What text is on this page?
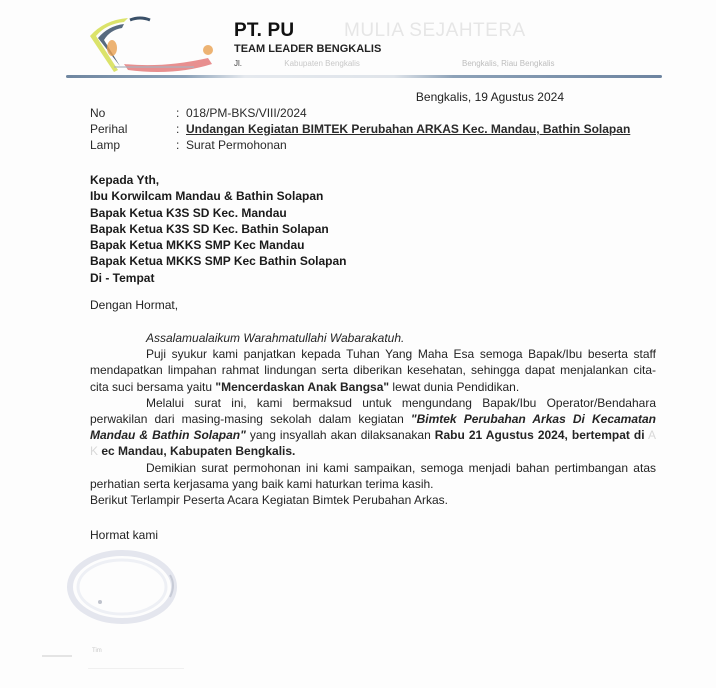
PT. PU	MULIA SEJAHTERA
TEAM LEADER BENGKALIS
Jl.	Kabupaten Bengkalis	Bengkalis, Riau Bengkalis
Bengkalis, 19 Agustus 2024
No	: 018/PM-BKS/VIII/2024
Perihal	: Undangan Kegiatan BIMTEK Perubahan ARKAS Kec. Mandau, Bathin Solapan
Lamp	: Surat Permohonan
Kepada Yth,
Ibu Korwilcam Mandau & Bathin Solapan
Bapak Ketua K3S SD Kec. Mandau
Bapak Ketua K3S SD Kec. Bathin Solapan
Bapak Ketua MKKS SMP Kec Mandau
Bapak Ketua MKKS SMP Kec Bathin Solapan
Di - Tempat
Dengan Hormat,

Assalamualaikum Warahmatullahi Wabarakatuh.

Puji syukur kami panjatkan kepada Tuhan Yang Maha Esa semoga Bapak/Ibu beserta staff mendapatkan limpahan rahmat lindungan serta diberikan kesehatan, sehingga dapat menjalankan cita-cita suci bersama yaitu "Mencerdaskan Anak Bangsa" lewat dunia Pendidikan.

Melalui surat ini, kami bermaksud untuk mengundang Bapak/Ibu Operator/Bendahara perwakilan dari masing-masing sekolah dalam kegiatan "Bimtek Perubahan Arkas Di Kecamatan Mandau & Bathin Solapan" yang insyallah akan dilaksanakan Rabu 21 Agustus 2024, bertempat di A K ec Mandau, Kabupaten Bengkalis.

Demikian surat permohonan ini kami sampaikan, semoga menjadi bahan pertimbangan atas perhatian serta kerjasama yang baik kami haturkan terima kasih.

Berikut Terlampir Peserta Acara Kegiatan Bimtek Perubahan Arkas.

Hormat kami
Tim
